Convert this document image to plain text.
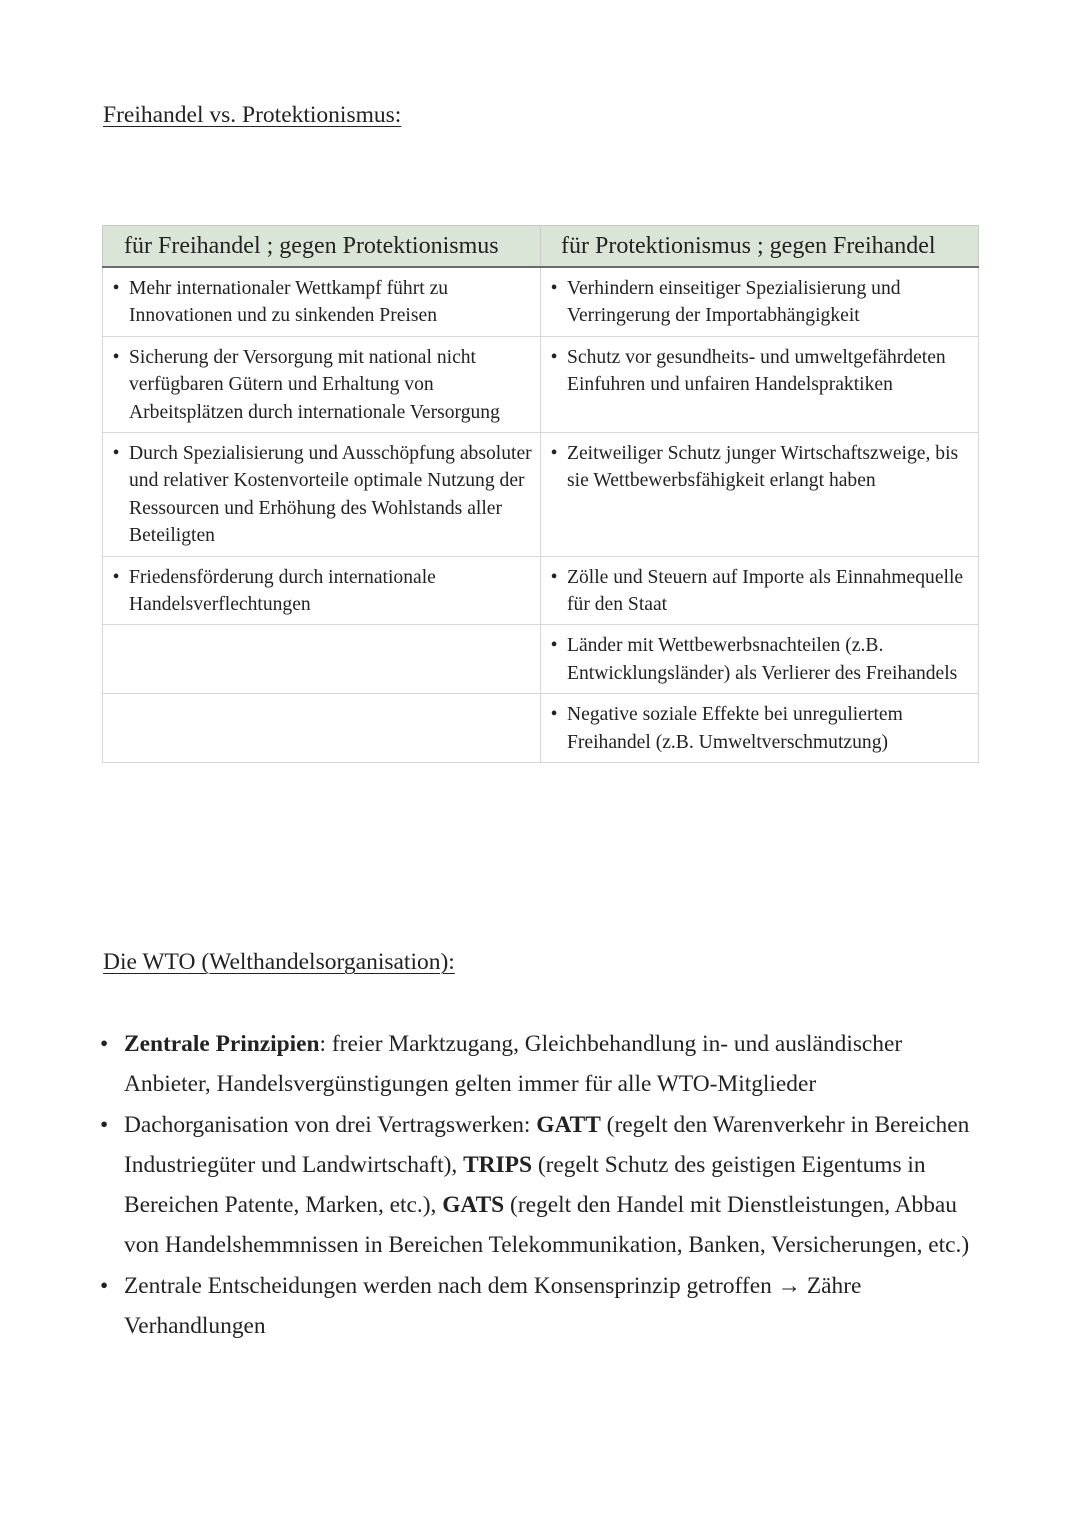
Freihandel vs. Protektionismus:
für Freihandel ; gegen Protektionismus	für Protektionismus ; gegen Freihandel

• Mehr internationaler Wettkampf führt zu Innovationen und zu sinkenden Preisen	• Verhindern einseitiger Spezialisierung und Verringerung der Importabhängigkeit

• Sicherung der Versorgung mit national nicht verfügbaren Gütern und Erhaltung von Arbeitsplätzen durch internationale Versorgung	• Schutz vor gesundheits- und umweltgefährdeten Einfuhren und unfairen Handelspraktiken

• Durch Spezialisierung und Ausschöpfung absoluter und relativer Kostenvorteile optimale Nutzung der Ressourcen und Erhöhung des Wohlstands aller Beteiligten	• Zeitweiliger Schutz junger Wirtschaftszweige, bis sie Wettbewerbsfähigkeit erlangt haben

• Friedensförderung durch internationale Handelsverflechtungen	• Zölle und Steuern auf Importe als Einnahmequelle für den Staat

	• Länder mit Wettbewerbsnachteilen (z.B. Entwicklungsländer) als Verlierer des Freihandels

	• Negative soziale Effekte bei unreguliertem Freihandel (z.B. Umweltverschmutzung)
Die WTO (Welthandelsorganisation):
• Zentrale Prinzipien: freier Marktzugang, Gleichbehandlung in- und ausländischer Anbieter, Handelsvergünstigungen gelten immer für alle WTO-Mitglieder
• Dachorganisation von drei Vertragswerken: GATT (regelt den Warenverkehr in Bereichen Industriegüter und Landwirtschaft), TRIPS (regelt Schutz des geistigen Eigentums in Bereichen Patente, Marken, etc.), GATS (regelt den Handel mit Dienstleistungen, Abbau von Handelshemmnissen in Bereichen Telekommunikation, Banken, Versicherungen, etc.)
• Zentrale Entscheidungen werden nach dem Konsensprinzip getroffen → Zähre Verhandlungen
